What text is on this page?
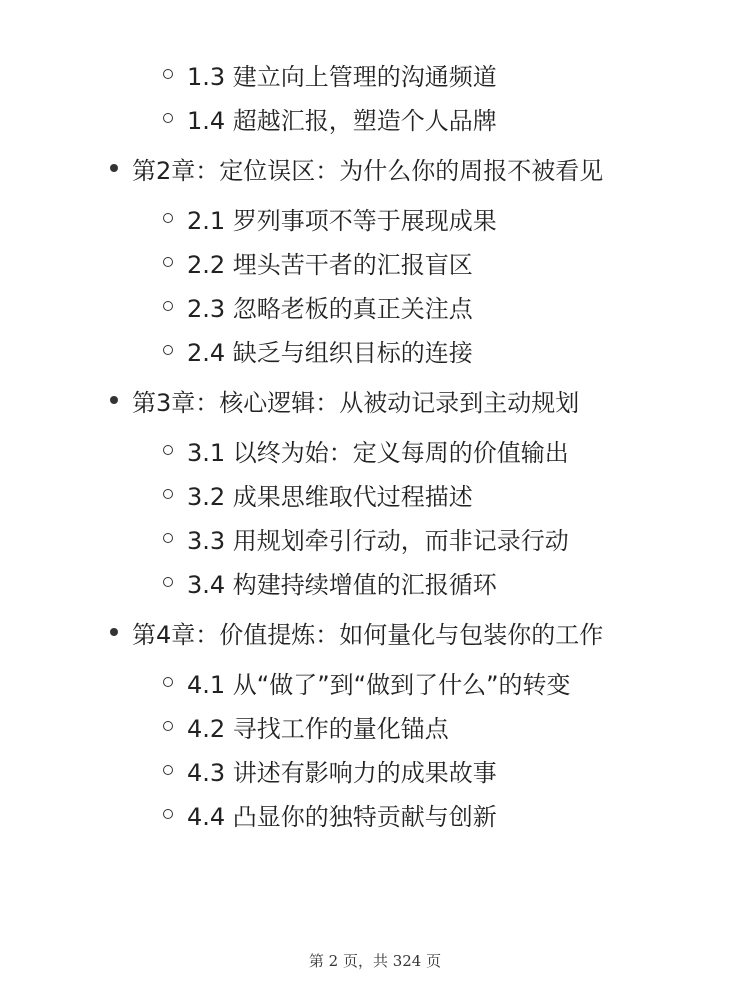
1.3 建立向上管理的沟通频道
1.4 超越汇报，塑造个人品牌
第2章：定位误区：为什么你的周报不被看见
2.1 罗列事项不等于展现成果
2.2 埋头苦干者的汇报盲区
2.3 忽略老板的真正关注点
2.4 缺乏与组织目标的连接
第3章：核心逻辑：从被动记录到主动规划
3.1 以终为始：定义每周的价值输出
3.2 成果思维取代过程描述
3.3 用规划牵引行动，而非记录行动
3.4 构建持续增值的汇报循环
第4章：价值提炼：如何量化与包装你的工作
4.1 从“做了”到“做到了什么”的转变
4.2 寻找工作的量化锚点
4.3 讲述有影响力的成果故事
4.4 凸显你的独特贡献与创新
第 2 页，共 324 页
